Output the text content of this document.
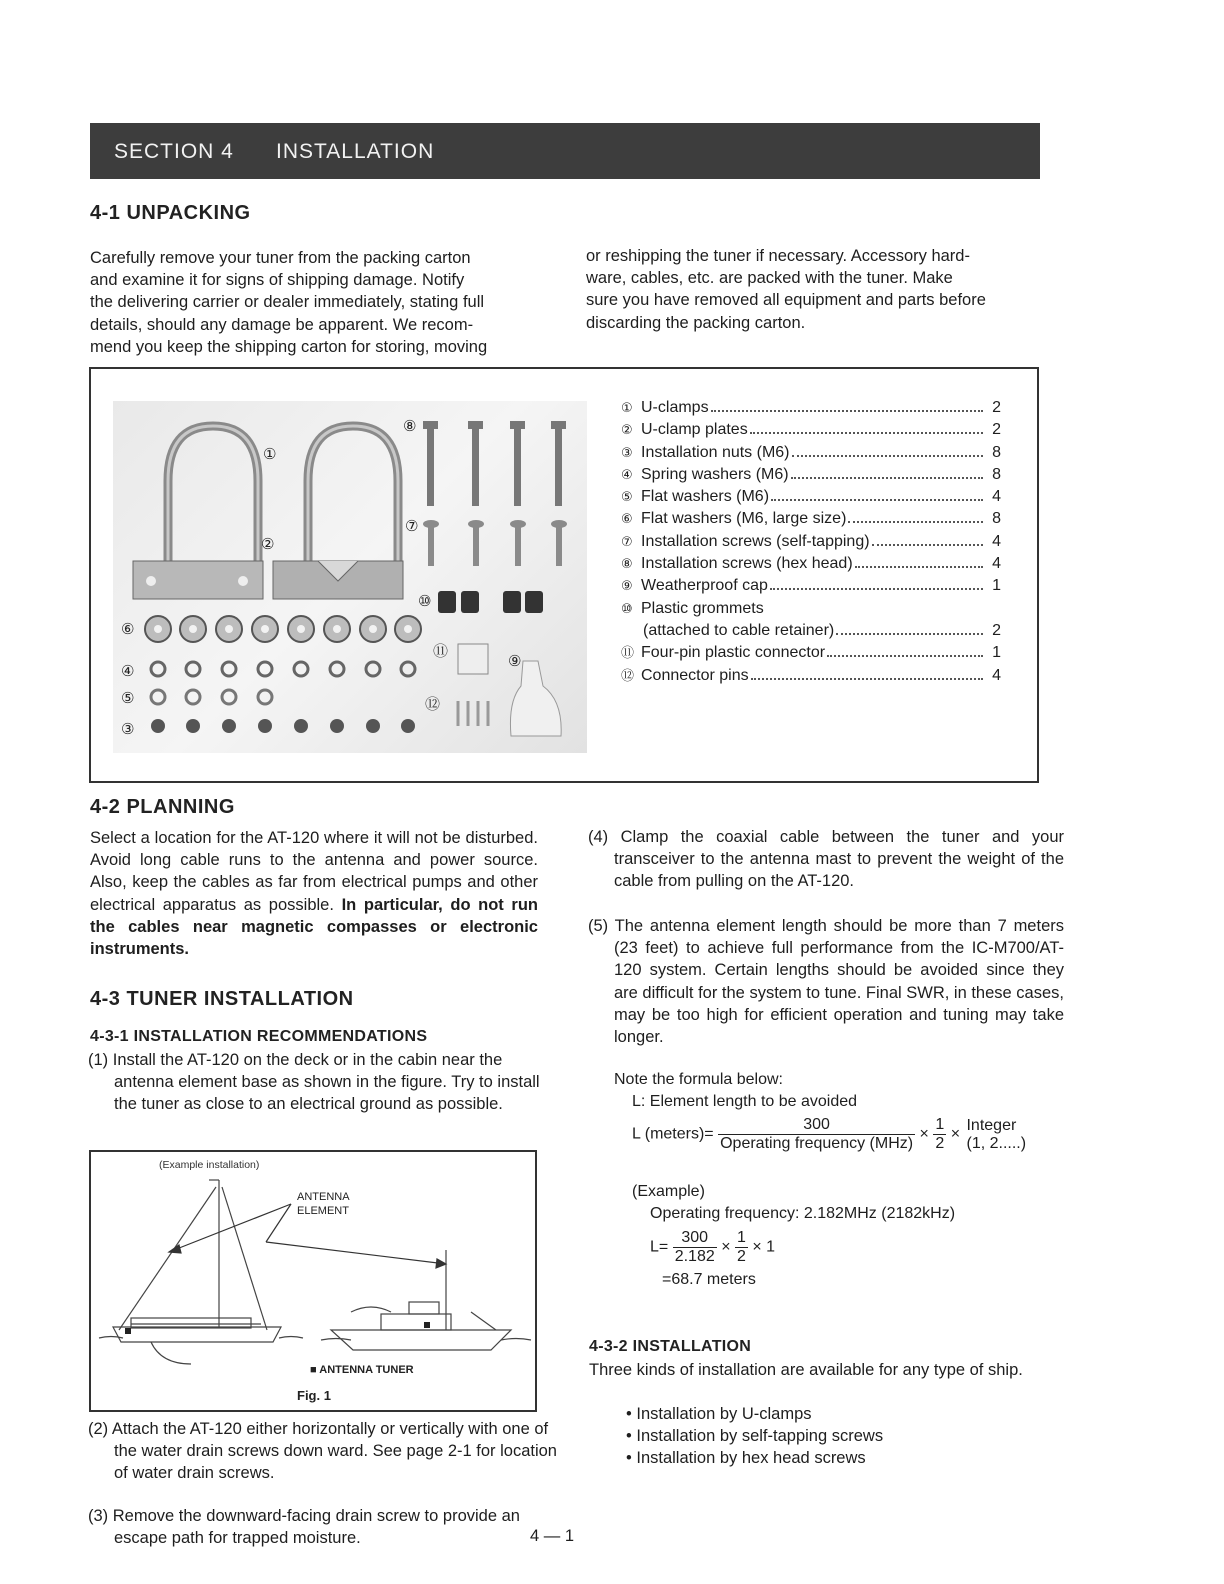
SECTION 4 INSTALLATION
4-1 UNPACKING
Carefully remove your tuner from the packing carton
and examine it for signs of shipping damage. Notify
the delivering carrier or dealer immediately, stating full
details, should any damage be apparent. We recom-
mend you keep the shipping carton for storing, moving
or reshipping the tuner if necessary. Accessory hard-
ware, cables, etc. are packed with the tuner. Make
sure you have removed all equipment and parts before
discarding the packing carton.
①
②
③
④
⑤
⑥
⑦
⑧
⑨
⑩
⑪
⑫
① U-clamps	2
② U-clamp plates	2
③ Installation nuts (M6)	8
④ Spring washers (M6)	8
⑤ Flat washers (M6)	4
⑥ Flat washers (M6, large size)	8
⑦ Installation screws (self-tapping)	4
⑧ Installation screws (hex head)	4
⑨ Weatherproof cap	1
⑩ Plastic grommets
(attached to cable retainer)	2
⑪ Four-pin plastic connector	1
⑫ Connector pins	4
4-2 PLANNING
Select a location for the AT-120 where it will not be disturbed. Avoid long cable runs to the antenna and power source. Also, keep the cables as far from electrical pumps and other electrical apparatus as possible. In particular, do not run the cables near magnetic compasses or electronic instruments.
4-3 TUNER INSTALLATION
4-3-1 INSTALLATION RECOMMENDATIONS
(1) Install the AT-120 on the deck or in the cabin near the antenna element base as shown in the figure. Try to install the tuner as close to an electrical ground as possible.
(Example installation)
ANTENNA
ELEMENT
■ ANTENNA TUNER
Fig. 1
(2) Attach the AT-120 either horizontally or vertically with one of the water drain screws down ward. See page 2-1 for location of water drain screws.
(3) Remove the downward-facing drain screw to provide an escape path for trapped moisture.
(4) Clamp the coaxial cable between the tuner and your transceiver to the antenna mast to prevent the weight of the cable from pulling on the AT-120.
(5) The antenna element length should be more than 7 meters (23 feet) to achieve full performance from the IC-M700/AT-120 system. Certain lengths should be avoided since they are difficult for the system to tune. Final SWR, in these cases, may be too high for efficient operation and tuning may take longer.
Note the formula below:
L: Element length to be avoided
L (meters)= $\frac{300}{\text{Operating frequency (MHz)}} \times \frac{1}{2}$ ×
Integer
(1, 2.....)
(Example)
Operating frequency: 2.182MHz (2182kHz)
$L= \frac{300}{2.182} \times \frac{1}{2} \times 1$
=68.7 meters
4-3-2 INSTALLATION
Three kinds of installation are available for any type of ship.
• Installation by U-clamps
• Installation by self-tapping screws
• Installation by hex head screws
4 — 1
